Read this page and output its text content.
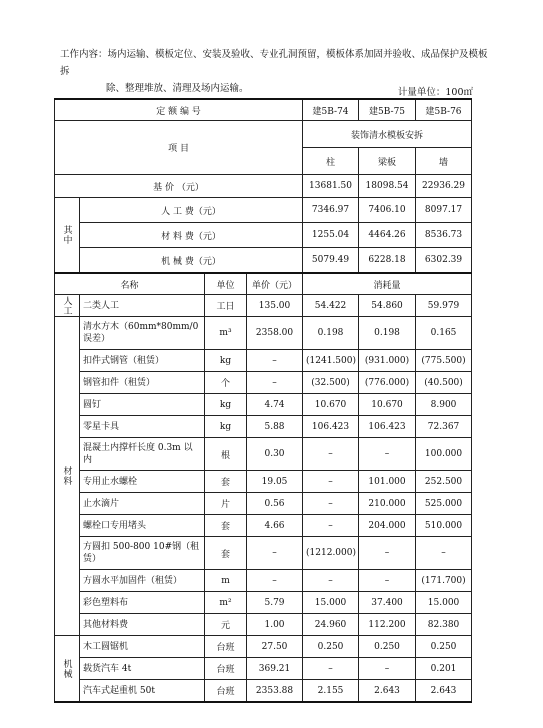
工作内容：场内运输、模板定位、安装及验收、专业孔洞预留，模板体系加固并验收、成品保护及模板拆
除、整理堆放、清理及场内运输。	计量单位：100㎡
定 额 编 号				建5B-74	建5B-75	建5B-76
项 目				装饰清水模板安拆		
				柱	梁板	墙
基 价 （元）				13681.50	18098.54	22936.29

其中	人 工 费（元）			7346.97	7406.10	8097.17
	材 料 费（元）			1255.04	4464.26	8536.73
	机 械 费（元）			5079.49	6228.18	6302.39
名称		单位	单价（元）	消耗量		

人工	二类人工	工日	135.00	54.422	54.860	59.979

材料	清水方木（60mm*80mm/0 误差）	m³	2358.00	0.198	0.198	0.165
	扣件式钢管（租赁）	kg	–	(1241.500)	(931.000)	(775.500)
	钢管扣件（租赁）	个	–	(32.500)	(776.000)	(40.500)
	圆钉	kg	4.74	10.670	10.670	8.900
	零星卡具	kg	5.88	106.423	106.423	72.367
	混凝土内撑杆长度 0.3m 以内	根	0.30	–	–	100.000
	专用止水螺栓	套	19.05	–	101.000	252.500
	止水滴片	片	0.56	–	210.000	525.000
	螺栓口专用堵头	套	4.66	–	204.000	510.000
	方圆扣 500-800 10#钢（租赁）	套	–	(1212.000)	–	–
	方圆水平加固件（租赁）	m	–	–	–	(171.700)
	彩色塑料布	m²	5.79	15.000	37.400	15.000
	其他材料费	元	1.00	24.960	112.200	82.380

机械	木工圆锯机	台班	27.50	0.250	0.250	0.250
	载货汽车 4t	台班	369.21	–	–	0.201
	汽车式起重机 50t	台班	2353.88	2.155	2.643	2.643
